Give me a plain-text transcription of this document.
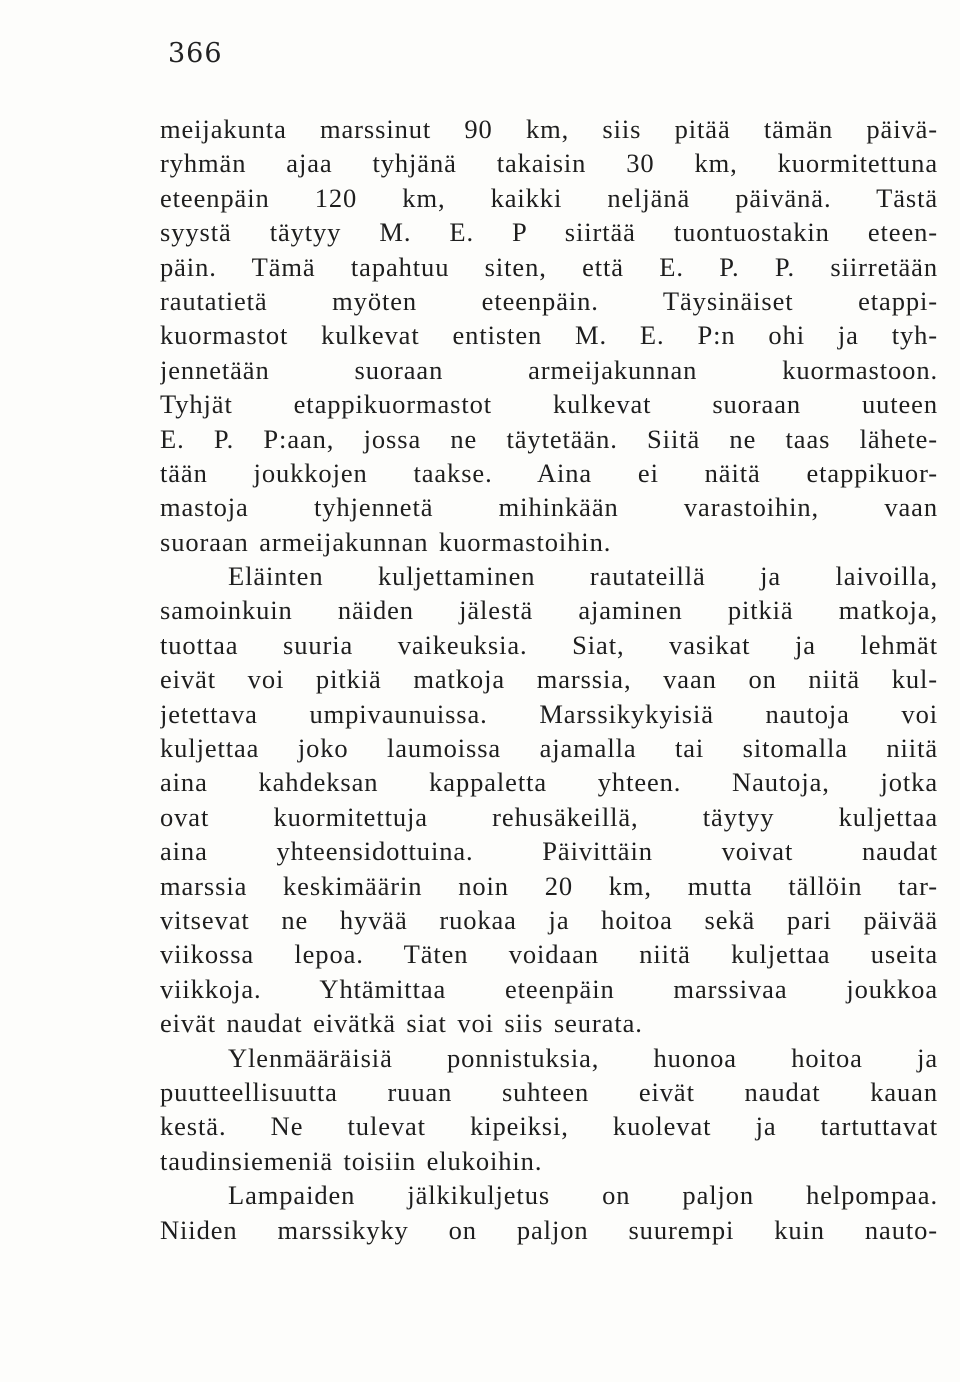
366
meijakunta marssinut 90 km, siis pitää tämän päivä-
ryhmän ajaa tyhjänä takaisin 30 km, kuormitettuna
eteenpäin 120 km, kaikki neljänä päivänä. Tästä
syystä täytyy M. E. P siirtää tuontuostakin eteen-
päin. Tämä tapahtuu siten, että E. P. P. siirretään
rautatietä myöten eteenpäin. Täysinäiset etappi-
kuormastot kulkevat entisten M. E. P:n ohi ja tyh-
jennetään suoraan armeijakunnan kuormastoon.
Tyhjät etappikuormastot kulkevat suoraan uuteen
E. P. P:aan, jossa ne täytetään. Siitä ne taas lähete-
tään joukkojen taakse. Aina ei näitä etappikuor-
mastoja tyhjennetä mihinkään varastoihin, vaan
suoraan armeijakunnan kuormastoihin.
Eläinten kuljettaminen rautateillä ja laivoilla,
samoinkuin näiden jälestä ajaminen pitkiä matkoja,
tuottaa suuria vaikeuksia. Siat, vasikat ja lehmät
eivät voi pitkiä matkoja marssia, vaan on niitä kul-
jetettava umpivaunuissa. Marssikykyisiä nautoja voi
kuljettaa joko laumoissa ajamalla tai sitomalla niitä
aina kahdeksan kappaletta yhteen. Nautoja, jotka
ovat kuormitettuja rehusäkeillä, täytyy kuljettaa
aina yhteensidottuina. Päivittäin voivat naudat
marssia keskimäärin noin 20 km, mutta tällöin tar-
vitsevat ne hyvää ruokaa ja hoitoa sekä pari päivää
viikossa lepoa. Täten voidaan niitä kuljettaa useita
viikkoja. Yhtämittaa eteenpäin marssivaa joukkoa
eivät naudat eivätkä siat voi siis seurata.
Ylenmääräisiä ponnistuksia, huonoa hoitoa ja
puutteellisuutta ruuan suhteen eivät naudat kauan
kestä. Ne tulevat kipeiksi, kuolevat ja tartuttavat
taudinsiemeniä toisiin elukoihin.
Lampaiden jälkikuljetus on paljon helpompaa.
Niiden marssikyky on paljon suurempi kuin nauto-
